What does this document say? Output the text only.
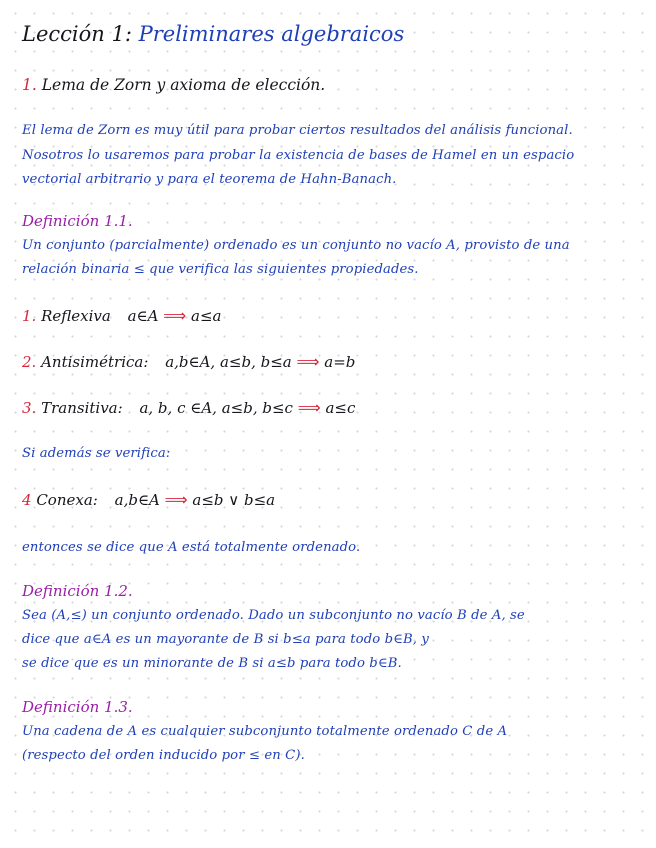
Lección 1: Preliminares algebraicos
1. Lema de Zorn y axioma de elección.
El lema de Zorn es muy útil para probar ciertos resultados del análisis funcional.
Nosotros lo usaremos para probar la existencia de bases de Hamel en un espacio
vectorial arbitrario y para el teorema de Hahn-Banach.
Definición 1.1.
Un conjunto (parcialmente) ordenado es un conjunto no vacío A, provisto de una
relación binaria ≤ que verifica las siguientes propiedades.
1. Reflexiva a∈A ⟹ a≤a
2. Antisimétrica: a,b∈A, a≤b, b≤a ⟹ a=b
3. Transitiva: a, b, c ∈A, a≤b, b≤c ⟹ a≤c
Si además se verifica:
4 Conexa: a,b∈A ⟹ a≤b ∨ b≤a
entonces se dice que A está totalmente ordenado.
Definición 1.2.
Sea (A,≤) un conjunto ordenado. Dado un subconjunto no vacío B de A, se
dice que a∈A es un mayorante de B si b≤a para todo b∈B, y
se dice que es un minorante de B si a≤b para todo b∈B.
Definición 1.3.
Una cadena de A es cualquier subconjunto totalmente ordenado C de A
(respecto del orden inducido por ≤ en C).
